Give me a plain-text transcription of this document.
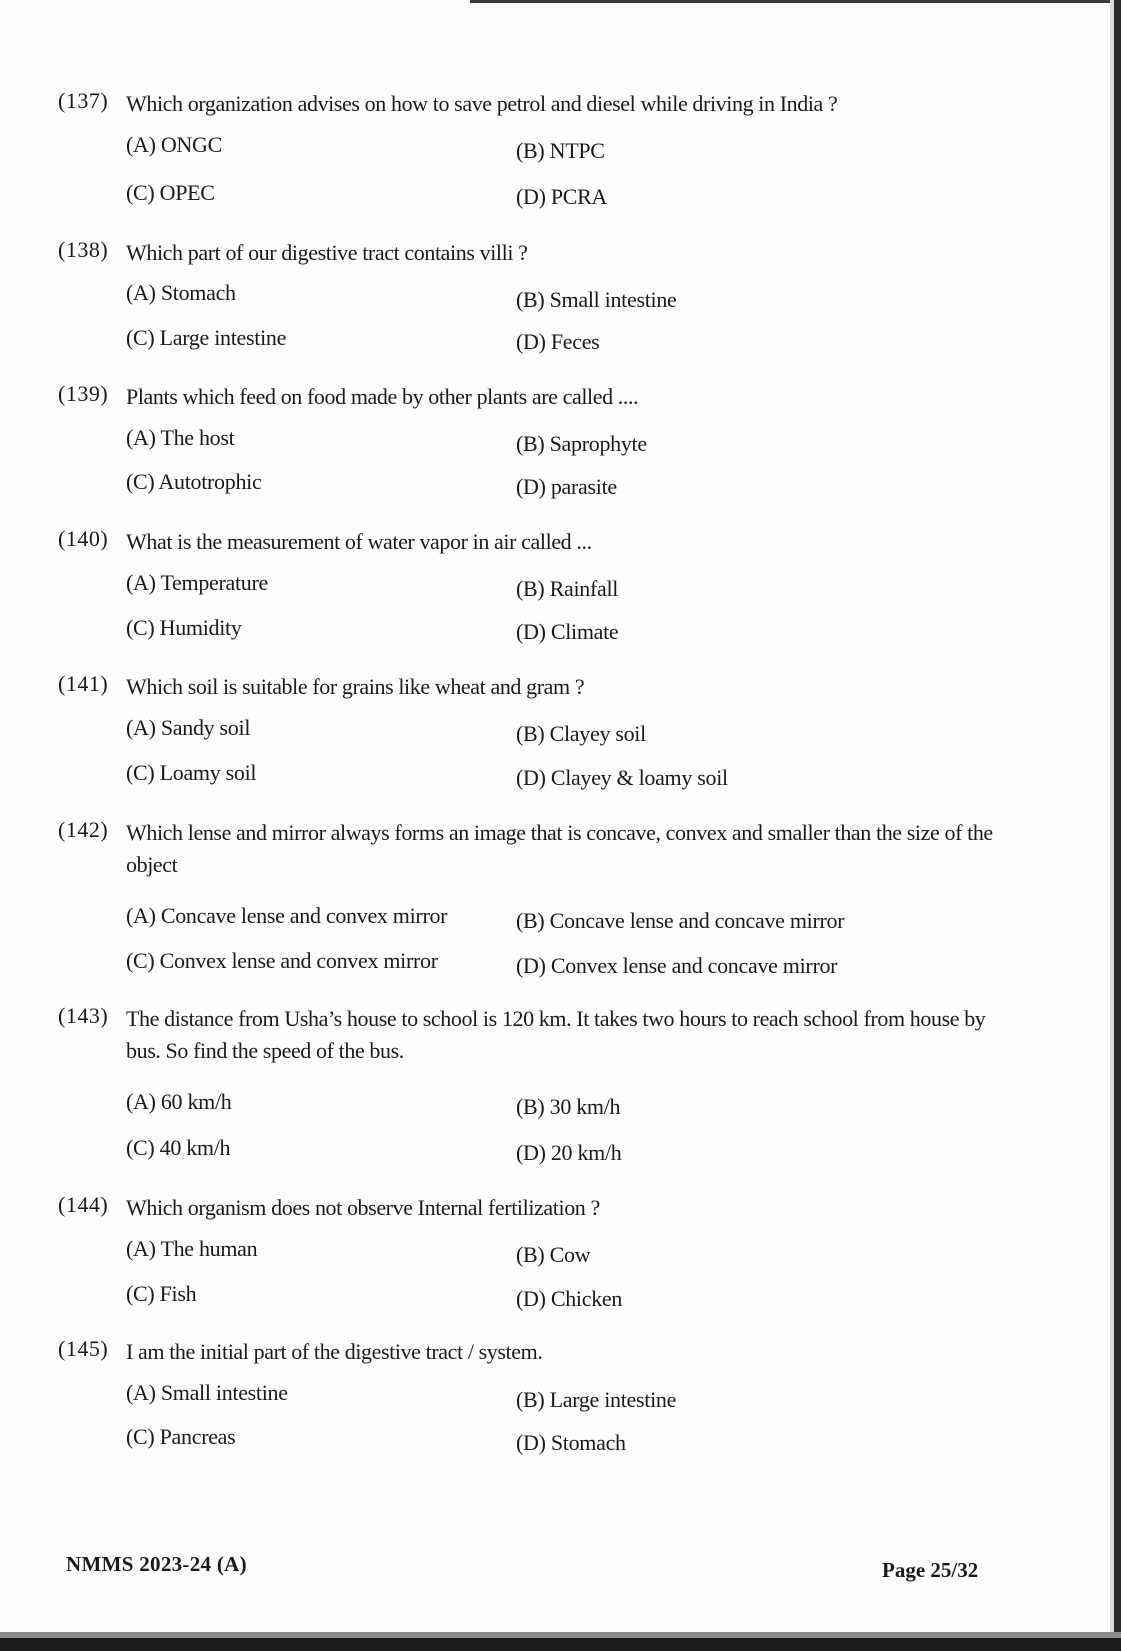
(137) Which organization advises on how to save petrol and diesel while driving in India ?
(A) ONGC	(B) NTPC
(C) OPEC	(D) PCRA
(138) Which part of our digestive tract contains villi ?
(A) Stomach	(B) Small intestine
(C) Large intestine	(D) Feces
(139) Plants which feed on food made by other plants are called ....
(A) The host	(B) Saprophyte
(C) Autotrophic	(D) parasite
(140) What is the measurement of water vapor in air called ...
(A) Temperature	(B) Rainfall
(C) Humidity	(D) Climate
(141) Which soil is suitable for grains like wheat and gram ?
(A) Sandy soil	(B) Clayey soil
(C) Loamy soil	(D) Clayey & loamy soil
(142) Which lense and mirror always forms an image that is concave, convex and smaller than the size of the object
(A) Concave lense and convex mirror	(B) Concave lense and concave mirror
(C) Convex lense and convex mirror	(D) Convex lense and concave mirror
(143) The distance from Usha’s house to school is 120 km. It takes two hours to reach school from house by bus. So find the speed of the bus.
(A) 60 km/h	(B) 30 km/h
(C) 40 km/h	(D) 20 km/h
(144) Which organism does not observe Internal fertilization ?
(A) The human	(B) Cow
(C) Fish	(D) Chicken
(145) I am the initial part of the digestive tract / system.
(A) Small intestine	(B) Large intestine
(C) Pancreas	(D) Stomach
NMMS 2023-24 (A)	Page 25/32
